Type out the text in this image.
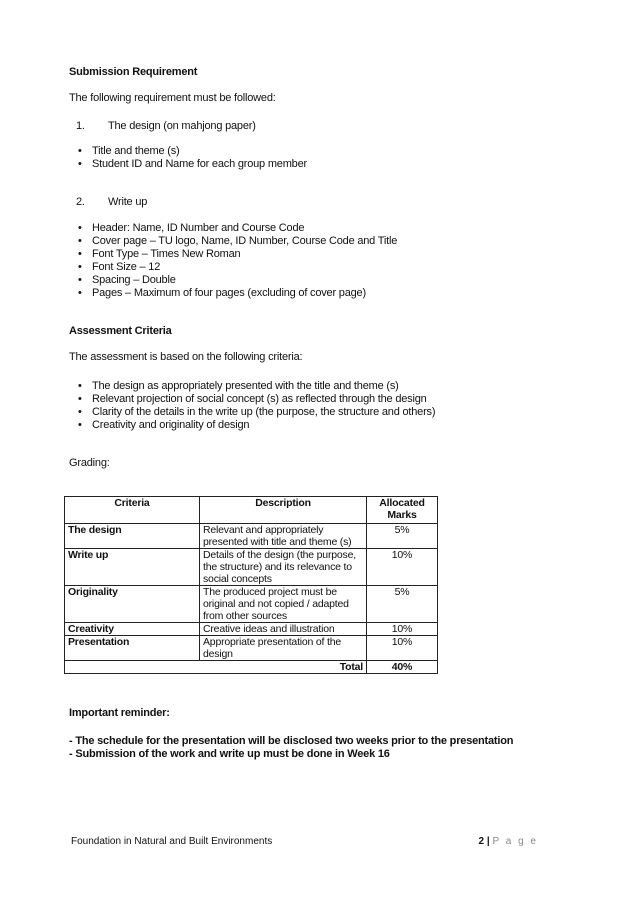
Submission Requirement
The following requirement must be followed:
1. The design (on mahjong paper)
• Title and theme (s)
• Student ID and Name for each group member
2. Write up
• Header: Name, ID Number and Course Code
• Cover page – TU logo, Name, ID Number, Course Code and Title
• Font Type – Times New Roman
• Font Size – 12
• Spacing – Double
• Pages – Maximum of four pages (excluding of cover page)
Assessment Criteria
The assessment is based on the following criteria:
• The design as appropriately presented with the title and theme (s)
• Relevant projection of social concept (s) as reflected through the design
• Clarity of the details in the write up (the purpose, the structure and others)
• Creativity and originality of design
Grading:
Criteria	Description	Allocated Marks
The design	Relevant and appropriately presented with title and theme (s)	5%
Write up	Details of the design (the purpose, the structure) and its relevance to social concepts	10%
Originality	The produced project must be original and not copied / adapted from other sources	5%
Creativity	Creative ideas and illustration	10%
Presentation	Appropriate presentation of the design	10%
Total		40%
Important reminder:
- The schedule for the presentation will be disclosed two weeks prior to the presentation
- Submission of the work and write up must be done in Week 16
Foundation in Natural and Built Environments	2 | P a g e
